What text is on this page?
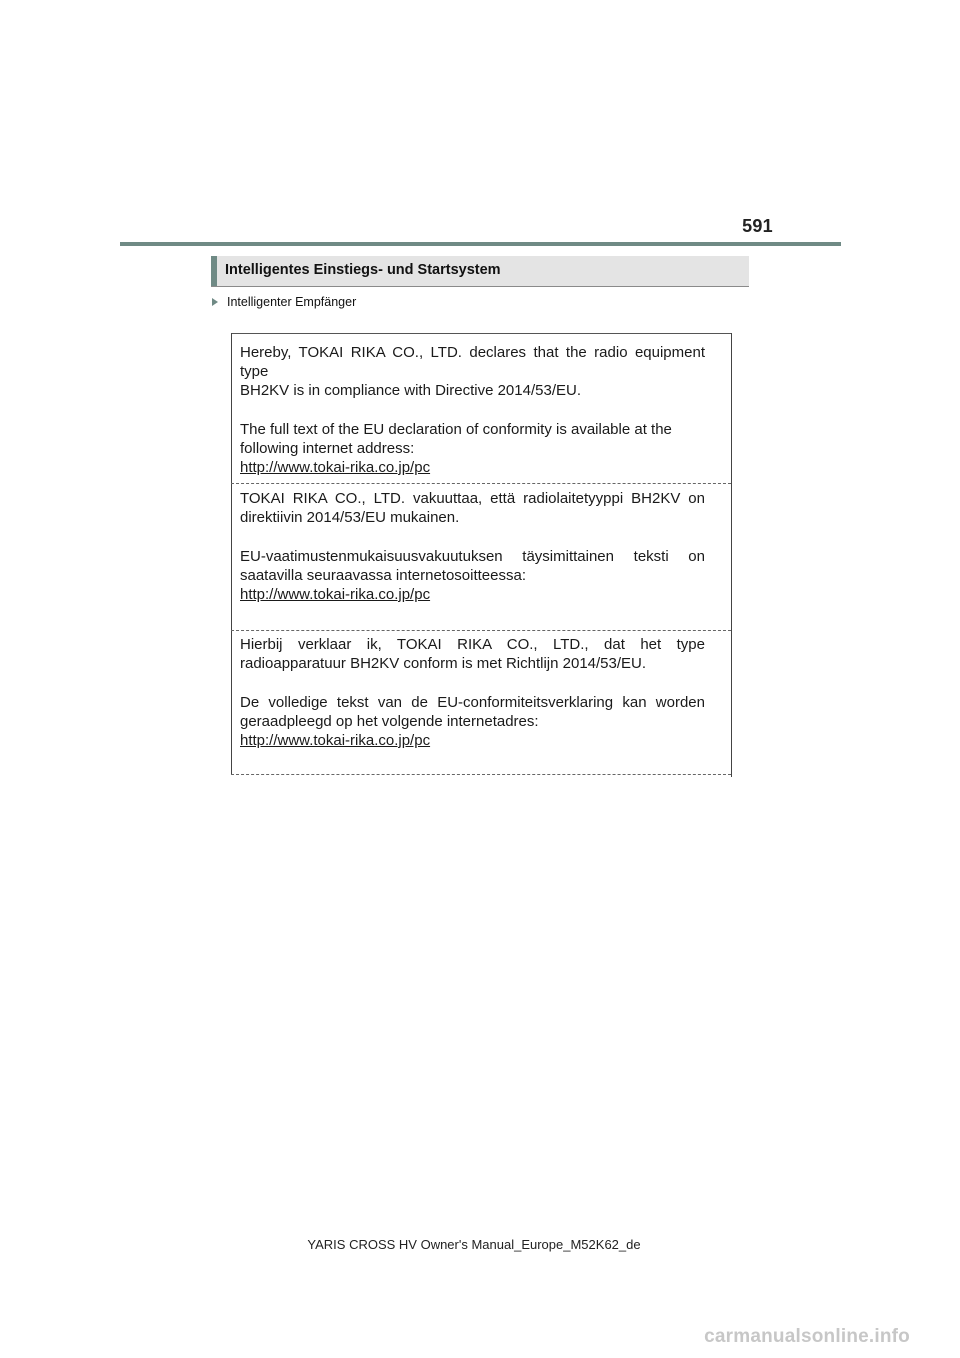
591
Intelligentes Einstiegs- und Startsystem
Intelligenter Empfänger

Hereby, TOKAI RIKA CO., LTD. declares that the radio equipment type

BH2KV is in compliance with Directive 2014/53/EU.

The full text of the EU declaration of conformity is available at the

following internet address:

http://www.tokai-rika.co.jp/pc

TOKAI RIKA CO., LTD. vakuuttaa, että radiolaitetyyppi BH2KV on

direktiivin 2014/53/EU mukainen.

EU-vaatimustenmukaisuusvakuutuksen täysimittainen teksti on

saatavilla seuraavassa internetosoitteessa:

http://www.tokai-rika.co.jp/pc

Hierbij verklaar ik, TOKAI RIKA CO., LTD., dat het type

radioapparatuur BH2KV conform is met Richtlijn 2014/53/EU.

De volledige tekst van de EU-conformiteitsverklaring kan worden

geraadpleegd op het volgende internetadres:

http://www.tokai-rika.co.jp/pc

YARIS CROSS HV Owner's Manual_Europe_M52K62_de
carmanualsonline.info
